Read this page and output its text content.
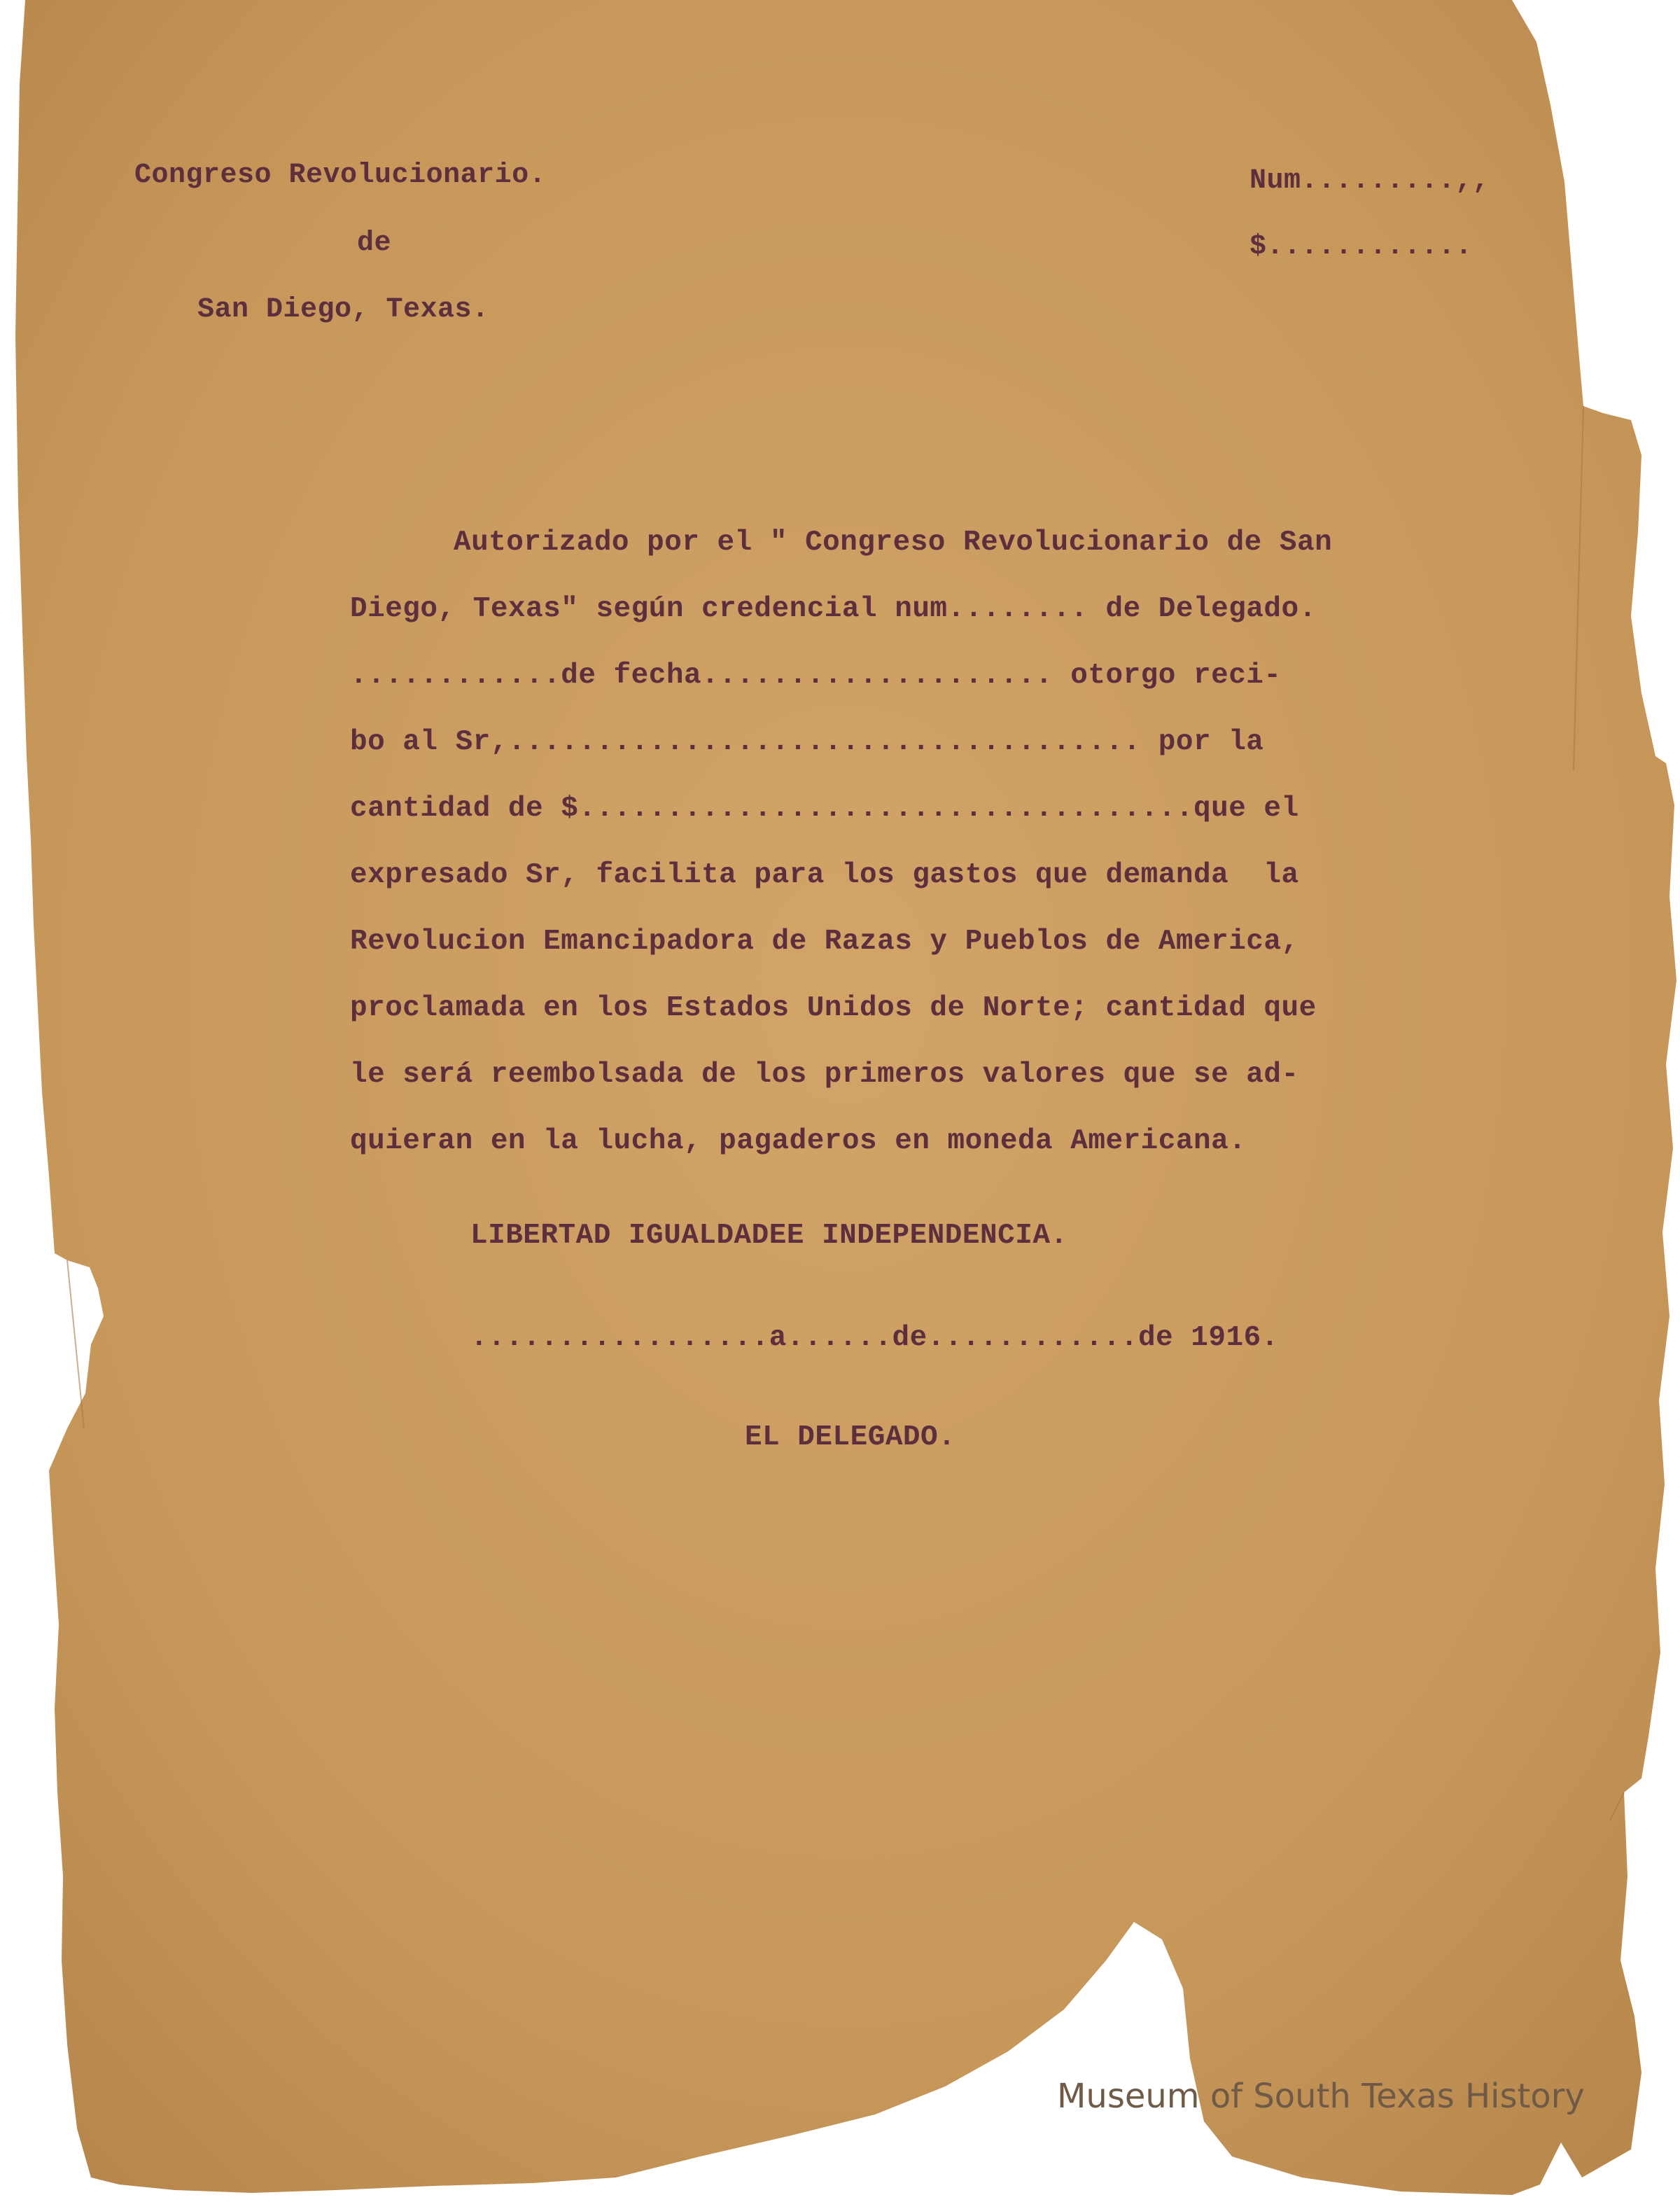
Congreso Revolucionario.
de
San Diego, Texas.
Num.........,,
$............
Autorizado por el " Congreso Revolucionario de San
Diego, Texas" según credencial num........ de Delegado.
............de fecha.................... otorgo reci-
bo al Sr,.................................... por la
cantidad de $...................................que el
expresado Sr, facilita para los gastos que demanda  la
Revolucion Emancipadora de Razas y Pueblos de America,
proclamada en los Estados Unidos de Norte; cantidad que
le será reembolsada de los primeros valores que se ad-
quieran en la lucha, pagaderos en moneda Americana.
LIBERTAD IGUALDADEE INDEPENDENCIA.
.................a......de............de 1916.
EL DELEGADO.
Museum of South Texas History
